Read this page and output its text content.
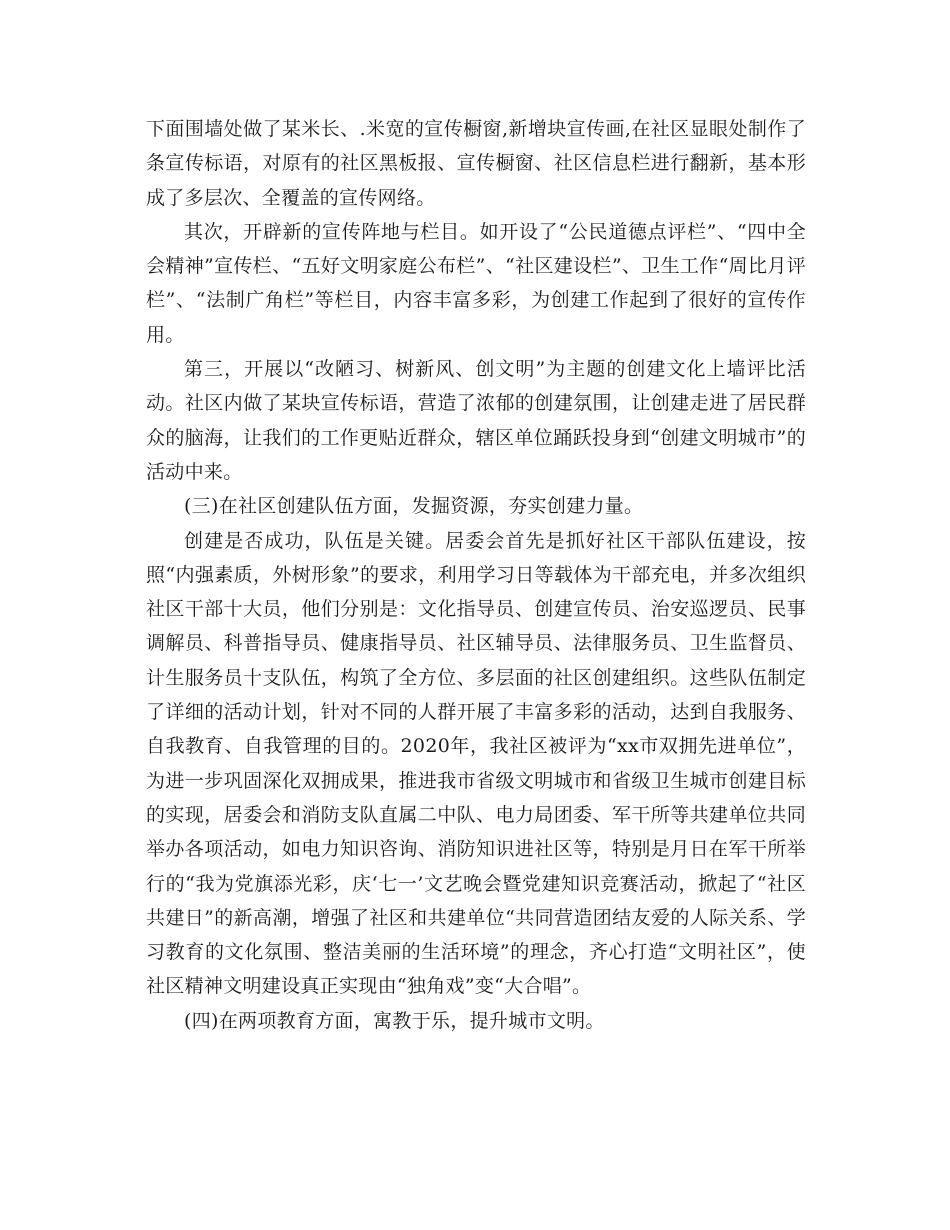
下面围墙处做了某米长、.米宽的宣传橱窗,新增块宣传画,在社区显眼处制作了条宣传标语，对原有的社区黑板报、宣传橱窗、社区信息栏进行翻新，基本形成了多层次、全覆盖的宣传网络。

其次，开辟新的宣传阵地与栏目。如开设了“公民道德点评栏”、“四中全会精神”宣传栏、“五好文明家庭公布栏”、“社区建设栏”、卫生工作“周比月评栏”、“法制广角栏”等栏目，内容丰富多彩，为创建工作起到了很好的宣传作用。

第三，开展以“改陋习、树新风、创文明”为主题的创建文化上墙评比活动。社区内做了某块宣传标语，营造了浓郁的创建氛围，让创建走进了居民群众的脑海，让我们的工作更贴近群众，辖区单位踊跃投身到“创建文明城市”的活动中来。

(三)在社区创建队伍方面，发掘资源，夯实创建力量。

创建是否成功，队伍是关键。居委会首先是抓好社区干部队伍建设，按照“内强素质，外树形象”的要求，利用学习日等载体为干部充电，并多次组织社区干部十大员，他们分别是：文化指导员、创建宣传员、治安巡逻员、民事调解员、科普指导员、健康指导员、社区辅导员、法律服务员、卫生监督员、计生服务员十支队伍，构筑了全方位、多层面的社区创建组织。这些队伍制定了详细的活动计划，针对不同的人群开展了丰富多彩的活动，达到自我服务、自我教育、自我管理的目的。2020年，我社区被评为“xx市双拥先进单位”，为进一步巩固深化双拥成果，推进我市省级文明城市和省级卫生城市创建目标的实现，居委会和消防支队直属二中队、电力局团委、军干所等共建单位共同举办各项活动，如电力知识咨询、消防知识进社区等，特别是月日在军干所举行的“我为党旗添光彩，庆‘七一’文艺晚会暨党建知识竞赛活动，掀起了“社区共建日”的新高潮，增强了社区和共建单位“共同营造团结友爱的人际关系、学习教育的文化氛围、整洁美丽的生活环境”的理念，齐心打造“文明社区”，使社区精神文明建设真正实现由“独角戏”变“大合唱”。

(四)在两项教育方面，寓教于乐，提升城市文明。
